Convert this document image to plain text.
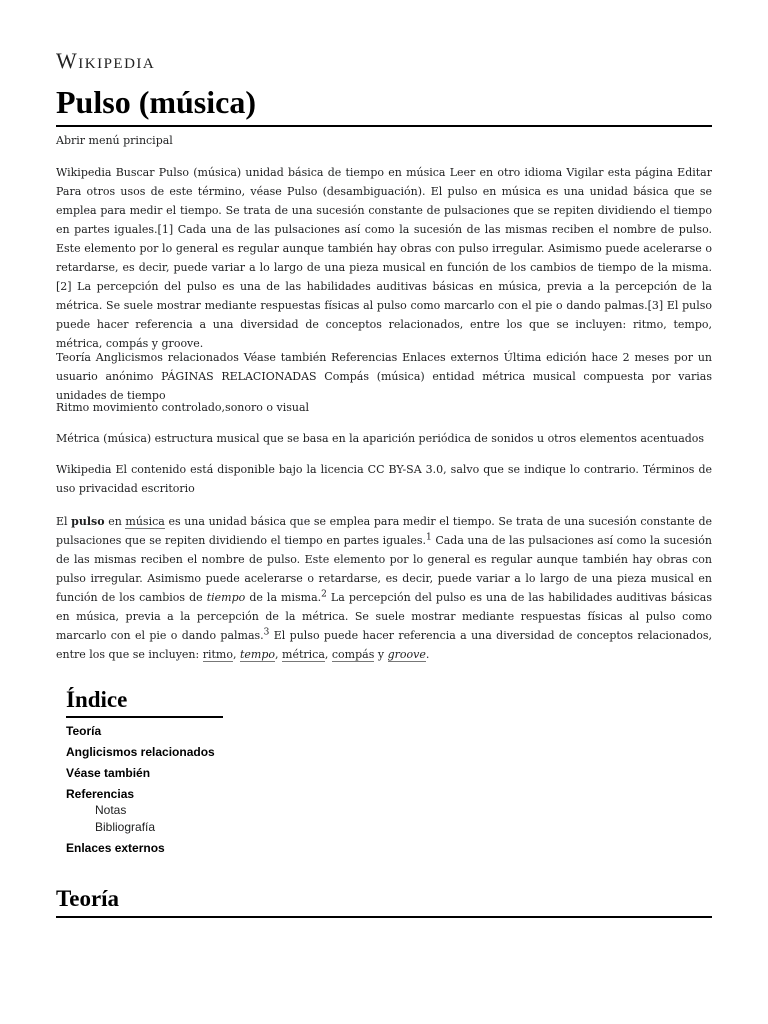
Wikipedia
Pulso (música)
Abrir menú principal

Wikipedia Buscar Pulso (música) unidad básica de tiempo en música Leer en otro idioma Vigilar esta página Editar Para otros usos de este término, véase Pulso (desambiguación). El pulso en música es una unidad básica que se emplea para medir el tiempo. Se trata de una sucesión constante de pulsaciones que se repiten dividiendo el tiempo en partes iguales.[1] Cada una de las pulsaciones así como la sucesión de las mismas reciben el nombre de pulso. Este elemento por lo general es regular aunque también hay obras con pulso irregular. Asimismo puede acelerarse o retardarse, es decir, puede variar a lo largo de una pieza musical en función de los cambios de tiempo de la misma.[2] La percepción del pulso es una de las habilidades auditivas básicas en música, previa a la percepción de la métrica. Se suele mostrar mediante respuestas físicas al pulso como marcarlo con el pie o dando palmas.[3] El pulso puede hacer referencia a una diversidad de conceptos relacionados, entre los que se incluyen: ritmo, tempo, métrica, compás y groove.

Teoría Anglicismos relacionados Véase también Referencias Enlaces externos Última edición hace 2 meses por un usuario anónimo PÁGINAS RELACIONADAS Compás (música) entidad métrica musical compuesta por varias unidades de tiempo

Ritmo movimiento controlado,sonoro o visual

Métrica (música) estructura musical que se basa en la aparición periódica de sonidos u otros elementos acentuados

Wikipedia El contenido está disponible bajo la licencia CC BY-SA 3.0, salvo que se indique lo contrario. Términos de uso privacidad escritorio

El pulso en música es una unidad básica que se emplea para medir el tiempo. Se trata de una sucesión constante de pulsaciones que se repiten dividiendo el tiempo en partes iguales.$^1$ Cada una de las pulsaciones así como la sucesión de las mismas reciben el nombre de pulso. Este elemento por lo general es regular aunque también hay obras con pulso irregular. Asimismo puede acelerarse o retardarse, es decir, puede variar a lo largo de una pieza musical en función de los cambios de tiempo de la misma.$^2$ La percepción del pulso es una de las habilidades auditivas básicas en música, previa a la percepción de la métrica. Se suele mostrar mediante respuestas físicas al pulso como marcarlo con el pie o dando palmas.$^3$ El pulso puede hacer referencia a una diversidad de conceptos relacionados, entre los que se incluyen: ritmo, tempo, métrica, compás y groove.

Índice
Teoría
Anglicismos relacionados
Véase también
Referencias
Notas
Bibliografía
Enlaces externos
Teoría
